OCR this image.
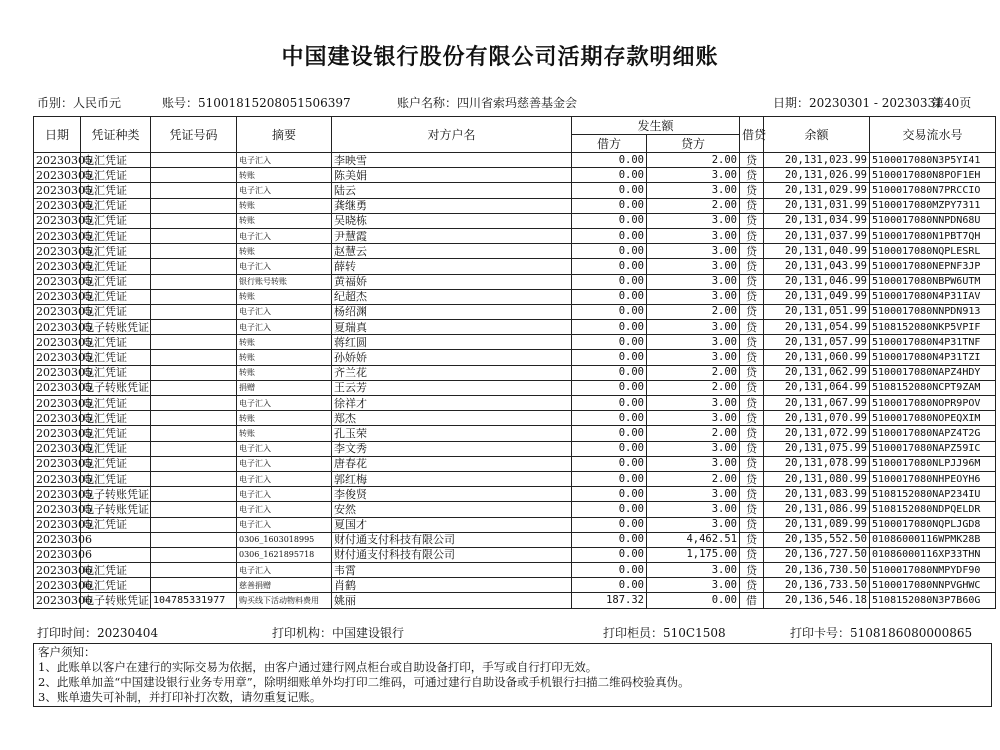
中国建设银行股份有限公司活期存款明细账
币别：人民币元	账号：51001815208051506397	账户名称：四川省索玛慈善基金会	日期：20230301 - 20230331
第40页
日期	凭证种类	凭证号码	摘要	对方户名	发生额		借贷	余额	交易流水号
					借方	贷方			
20230305	电汇凭证		电子汇入	李映雪	0.00	2.00	贷	20,131,023.99	5100017080N3P5YI41
20230305	电汇凭证		转账	陈美娟	0.00	3.00	贷	20,131,026.99	5100017080N8POF1EH
20230305	电汇凭证		电子汇入	陆云	0.00	3.00	贷	20,131,029.99	5100017080N7PRCCIO
20230305	电汇凭证		转账	龚继勇	0.00	2.00	贷	20,131,031.99	5100017080MZPY7311
20230305	电汇凭证		转账	吴晓栋	0.00	3.00	贷	20,131,034.99	5100017080NNPDN68U
20230305	电汇凭证		电子汇入	尹慧霞	0.00	3.00	贷	20,131,037.99	5100017080N1PBT7QH
20230305	电汇凭证		转账	赵慧云	0.00	3.00	贷	20,131,040.99	5100017080NQPLESRL
20230305	电汇凭证		电子汇入	薛转	0.00	3.00	贷	20,131,043.99	5100017080NEPNF3JP
20230305	电汇凭证		银行账号转账	黄福娇	0.00	3.00	贷	20,131,046.99	5100017080NBPW6UTM
20230305	电汇凭证		转账	纪超杰	0.00	3.00	贷	20,131,049.99	5100017080N4P31IAV
20230305	电汇凭证		电子汇入	杨绍渊	0.00	2.00	贷	20,131,051.99	5100017080NNPDN913
20230305	电子转账凭证		电子汇入	夏瑞真	0.00	3.00	贷	20,131,054.99	5108152080NKP5VPIF
20230305	电汇凭证		转账	蒋红圆	0.00	3.00	贷	20,131,057.99	5100017080N4P31TNF
20230305	电汇凭证		转账	孙娇娇	0.00	3.00	贷	20,131,060.99	5100017080N4P31TZI
20230305	电汇凭证		转账	齐兰花	0.00	2.00	贷	20,131,062.99	5100017080NAPZ4HDY
20230305	电子转账凭证		捐赠	王云芳	0.00	2.00	贷	20,131,064.99	5108152080NCPT9ZAM
20230305	电汇凭证		电子汇入	徐祥才	0.00	3.00	贷	20,131,067.99	5100017080NOPR9POV
20230305	电汇凭证		转账	郑杰	0.00	3.00	贷	20,131,070.99	5100017080NOPEQXIM
20230305	电汇凭证		转账	孔玉荣	0.00	2.00	贷	20,131,072.99	5100017080NAPZ4T2G
20230305	电汇凭证		电子汇入	李文秀	0.00	3.00	贷	20,131,075.99	5100017080NAPZ59IC
20230305	电汇凭证		电子汇入	唐春花	0.00	3.00	贷	20,131,078.99	5100017080NLPJJ96M
20230305	电汇凭证		电子汇入	郭红梅	0.00	2.00	贷	20,131,080.99	5100017080NHPEOYH6
20230305	电子转账凭证		电子汇入	李俊贤	0.00	3.00	贷	20,131,083.99	5108152080NAP234IU
20230305	电子转账凭证		电子汇入	安然	0.00	3.00	贷	20,131,086.99	5108152080NDPQELDR
20230305	电汇凭证		电子汇入	夏国才	0.00	3.00	贷	20,131,089.99	5100017080NQPLJGD8
20230306			0306_1603018995	财付通支付科技有限公司	0.00	4,462.51	贷	20,135,552.50	01086000116WPMK28B
20230306			0306_1621895718	财付通支付科技有限公司	0.00	1,175.00	贷	20,136,727.50	01086000116XP33THN
20230306	电汇凭证		电子汇入	韦霄	0.00	3.00	贷	20,136,730.50	5100017080NMPYDF90
20230306	电汇凭证		慈善捐赠	肖鹤	0.00	3.00	贷	20,136,733.50	5100017080NNPVGHWC
20230306	电子转账凭证	104785331977	购买线下活动物料费用	姚丽	187.32	0.00	借	20,136,546.18	5108152080N3P7B60G
打印时间：20230404	打印机构：中国建设银行	打印柜员：510C1508	打印卡号：5108186080000865
客户须知：
1、此账单以客户在建行的实际交易为依据，由客户通过建行网点柜台或自助设备打印，手写或自行打印无效。
2、此账单加盖“中国建设银行业务专用章”，除明细账单外均打印二维码，可通过建行自助设备或手机银行扫描二维码校验真伪。
3、账单遗失可补制，并打印补打次数，请勿重复记账。
